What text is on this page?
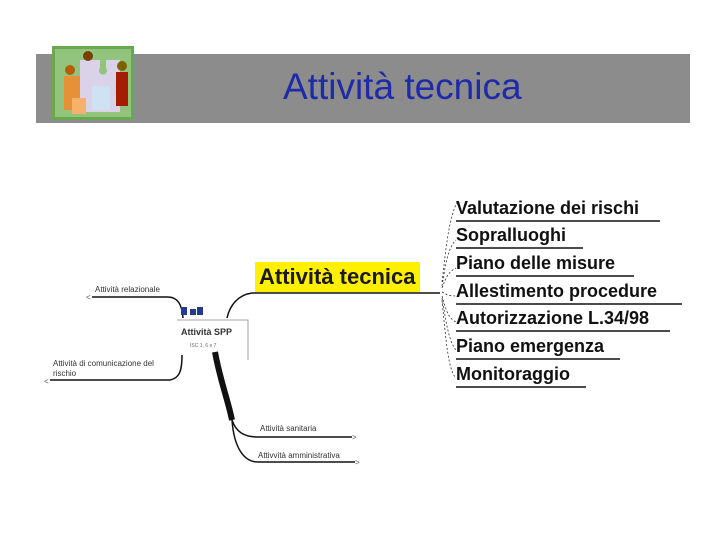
Attività tecnica
<
<
>
>
Attività SPP
ISC 1, 6 e 7
Attività relazionale
Attività di comunicazione del rischio
Attività sanitaria
Attivvità amministrativa
Attività tecnica
Valutazione dei rischi
Sopralluoghi
Piano delle misure
Allestimento procedure
Autorizzazione L.34/98
Piano emergenza
Monitoraggio
